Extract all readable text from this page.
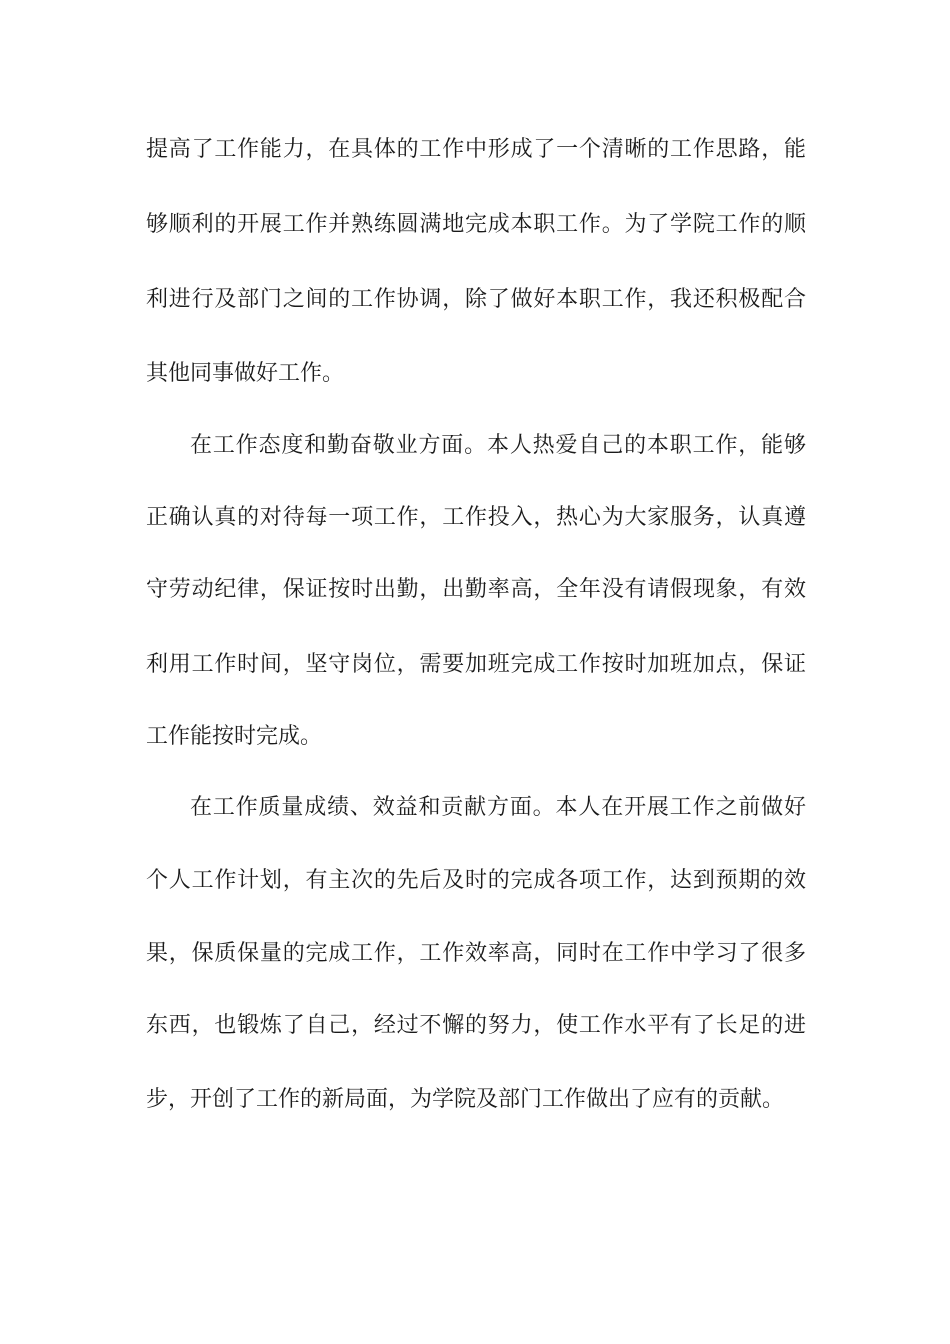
提高了工作能力，在具体的工作中形成了一个清晰的工作思路，能
够顺利的开展工作并熟练圆满地完成本职工作。为了学院工作的顺
利进行及部门之间的工作协调，除了做好本职工作，我还积极配合
其他同事做好工作。
在工作态度和勤奋敬业方面。本人热爱自己的本职工作，能够
正确认真的对待每一项工作，工作投入，热心为大家服务，认真遵
守劳动纪律，保证按时出勤，出勤率高，全年没有请假现象，有效
利用工作时间，坚守岗位，需要加班完成工作按时加班加点，保证
工作能按时完成。
在工作质量成绩、效益和贡献方面。本人在开展工作之前做好
个人工作计划，有主次的先后及时的完成各项工作，达到预期的效
果，保质保量的完成工作，工作效率高，同时在工作中学习了很多
东西，也锻炼了自己，经过不懈的努力，使工作水平有了长足的进
步，开创了工作的新局面，为学院及部门工作做出了应有的贡献。
